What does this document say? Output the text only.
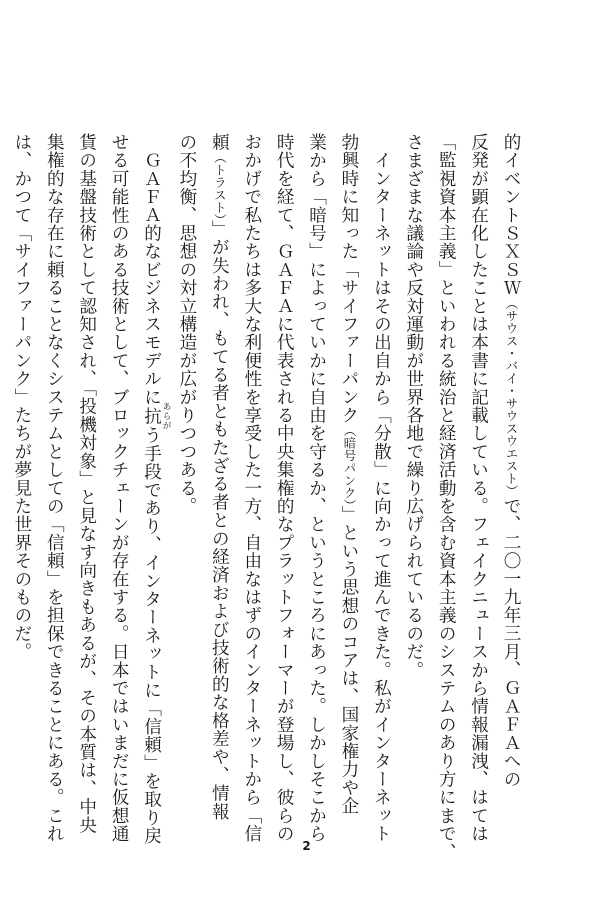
的イベントＳＸＳＷ（サウス・バイ・サウスウエスト）で、二〇一九年三月、ＧＡＦＡへの
反発が顕在化したことは本書に記載している。フェイクニュースから情報漏洩、はては
「監視資本主義」といわれる統治と経済活動を含む資本主義のシステムのあり方にまで、
さまざまな議論や反対運動が世界各地で繰り広げられているのだ。
　インターネットはその出自から「分散」に向かって進んできた。私がインターネット
勃興時に知った「サイファーパンク（暗号パンク）」という思想のコアは、国家権力や企
業から「暗号」によっていかに自由を守るか、というところにあった。しかしそこから
時代を経て、ＧＡＦＡに代表される中央集権的なプラットフォーマーが登場し、彼らの
おかげで私たちは多大な利便性を享受した一方、自由なはずのインターネットから「信
頼（トラスト）」が失われ、もてる者ともたざる者との経済および技術的な格差や、情報
の不均衡、思想の対立構造が広がりつつある。
　ＧＡＦＡ的なビジネスモデルに抗 あらがう手段であり、インターネットに「信頼」を取り戻
せる可能性のある技術として、ブロックチェーンが存在する。日本ではいまだに仮想通
貨の基盤技術として認知され、「投機対象」と見なす向きもあるが、その本質は、中央
集権的な存在に頼ることなくシステムとしての「信頼」を担保できることにある。これ
は、かつて「サイファーパンク」たちが夢見た世界そのものだ。
2
